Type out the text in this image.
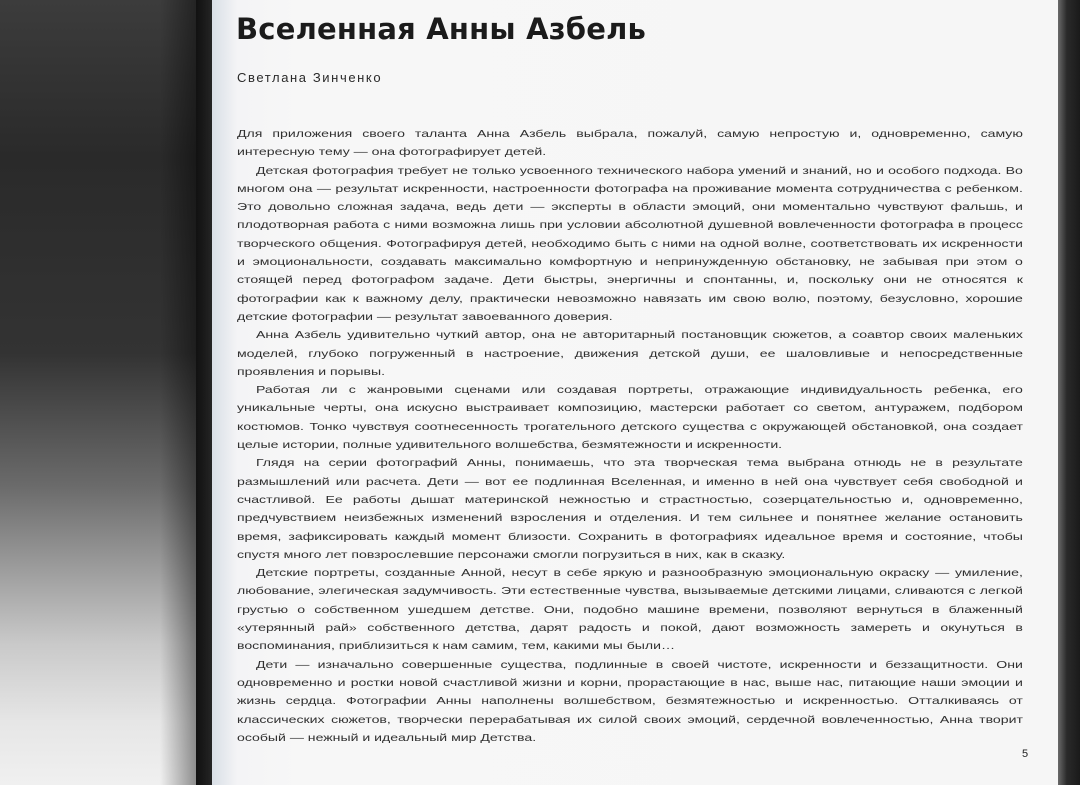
Вселенная Анны Азбель

Светлана Зинченко

Для приложения своего таланта Анна Азбель выбрала, пожалуй, самую непростую и, одновременно, самую интересную тему — она фотографирует детей.

Детская фотография требует не только усвоенного технического набора умений и знаний, но и особого подхода. Во многом она — результат искренности, настроенности фотографа на проживание момента сотрудничества с ребенком. Это довольно сложная задача, ведь дети — эксперты в области эмоций, они моментально чувствуют фальшь, и плодотворная работа с ними возможна лишь при условии абсолютной душевной вовлеченности фотографа в процесс творческого общения. Фотографируя детей, необходимо быть с ними на одной волне, соответствовать их искренности и эмоциональности, создавать максимально комфортную и непринужденную обстановку, не забывая при этом о стоящей перед фотографом задаче. Дети быстры, энергичны и спонтанны, и, поскольку они не относятся к фотографии как к важному делу, практически невозможно навязать им свою волю, поэтому, безусловно, хорошие детские фотографии — результат завоеванного доверия.

Анна Азбель удивительно чуткий автор, она не авторитарный постановщик сюжетов, а соавтор своих маленьких моделей, глубоко погруженный в настроение, движения детской души, ее шаловливые и непосредственные проявления и порывы.

Работая ли с жанровыми сценами или создавая портреты, отражающие индивидуальность ребенка, его уникальные черты, она искусно выстраивает композицию, мастерски работает со светом, антуражем, подбором костюмов. Тонко чувствуя соотнесенность трогательного детского существа с окружающей обстановкой, она создает целые истории, полные удивительного волшебства, безмятежности и искренности.

Глядя на серии фотографий Анны, понимаешь, что эта творческая тема выбрана отнюдь не в результате размышлений или расчета. Дети — вот ее подлинная Вселенная, и именно в ней она чувствует себя свободной и счастливой. Ее работы дышат материнской нежностью и страстностью, созерцательностью и, одновременно, предчувствием неизбежных изменений взросления и отделения. И тем сильнее и понятнее желание остановить время, зафиксировать каждый момент близости. Сохранить в фотографиях идеальное время и состояние, чтобы спустя много лет повзрослевшие персонажи смогли погрузиться в них, как в сказку.

Детские портреты, созданные Анной, несут в себе яркую и разнообразную эмоциональную окраску — умиление, любование, элегическая задумчивость. Эти естественные чувства, вызываемые детскими лицами, сливаются с легкой грустью о собственном ушедшем детстве. Они, подобно машине времени, позволяют вернуться в блаженный «утерянный рай» собственного детства, дарят радость и покой, дают возможность замереть и окунуться в воспоминания, приблизиться к нам самим, тем, какими мы были…

Дети — изначально совершенные существа, подлинные в своей чистоте, искренности и беззащитности. Они одновременно и ростки новой счастливой жизни и корни, прорастающие в нас, выше нас, питающие наши эмоции и жизнь сердца. Фотографии Анны наполнены волшебством, безмятежностью и искренностью. Отталкиваясь от классических сюжетов, творчески перерабатывая их силой своих эмоций, сердечной вовлеченностью, Анна творит особый — нежный и идеальный мир Детства.

5
